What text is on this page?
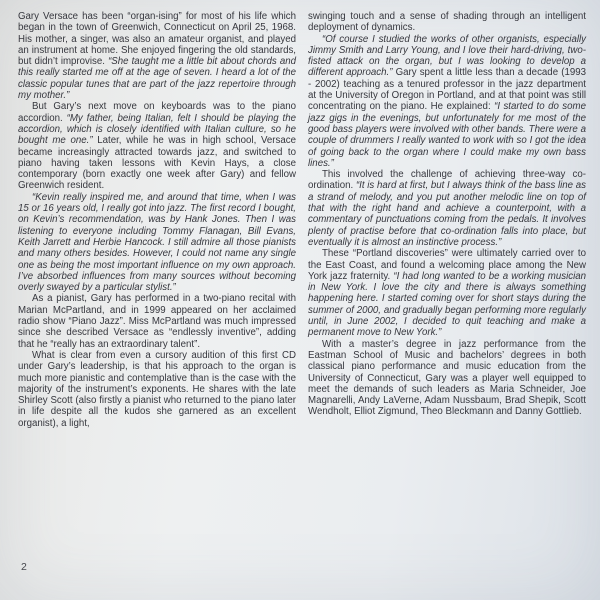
Gary Versace has been “organ-ising” for most of his life which began in the town of Greenwich, Connecticut on April 25, 1968. His mother, a singer, was also an amateur organist, and played an instrument at home. She enjoyed fingering the old standards, but didn’t improvise. “She taught me a little bit about chords and this really started me off at the age of seven. I heard a lot of the classic popular tunes that are part of the jazz repertoire through my mother.”

But Gary’s next move on keyboards was to the piano accordion. “My father, being Italian, felt I should be playing the accordion, which is closely identified with Italian culture, so he bought me one.” Later, while he was in high school, Versace became increasingly attracted towards jazz, and switched to piano having taken lessons with Kevin Hays, a close contemporary (born exactly one week after Gary) and fellow Greenwich resident.

“Kevin really inspired me, and around that time, when I was 15 or 16 years old, I really got into jazz. The first record I bought, on Kevin’s recommendation, was by Hank Jones. Then I was listening to everyone including Tommy Flanagan, Bill Evans, Keith Jarrett and Herbie Hancock. I still admire all those pianists and many others besides. However, I could not name any single one as being the most important influence on my own approach. I’ve absorbed influences from many sources without becoming overly swayed by a particular stylist.”

As a pianist, Gary has performed in a two-piano recital with Marian McPartland, and in 1999 appeared on her acclaimed radio show “Piano Jazz”. Miss McPartland was much impressed since she described Versace as “endlessly inventive”, adding that he “really has an extraordinary talent”.

What is clear from even a cursory audition of this first CD under Gary’s leadership, is that his approach to the organ is much more pianistic and contemplative than is the case with the majority of the instrument’s exponents. He shares with the late Shirley Scott (also firstly a pianist who returned to the piano later in life despite all the kudos she garnered as an excellent organist), a light,

swinging touch and a sense of shading through an intelligent deployment of dynamics.

“Of course I studied the works of other organists, especially Jimmy Smith and Larry Young, and I love their hard-driving, two-fisted attack on the organ, but I was looking to develop a different approach.” Gary spent a little less than a decade (1993 - 2002) teaching as a tenured professor in the jazz department at the University of Oregon in Portland, and at that point was still concentrating on the piano. He explained: “I started to do some jazz gigs in the evenings, but unfortunately for me most of the good bass players were involved with other bands. There were a couple of drummers I really wanted to work with so I got the idea of going back to the organ where I could make my own bass lines.”

This involved the challenge of achieving three-way co-ordination. “It is hard at first, but I always think of the bass line as a strand of melody, and you put another melodic line on top of that with the right hand and achieve a counterpoint, with a commentary of punctuations coming from the pedals. It involves plenty of practise before that co-ordination falls into place, but eventually it is almost an instinctive process.”

These “Portland discoveries” were ultimately carried over to the East Coast, and found a welcoming place among the New York jazz fraternity. “I had long wanted to be a working musician in New York. I love the city and there is always something happening here. I started coming over for short stays during the summer of 2000, and gradually began performing more regularly until, in June 2002, I decided to quit teaching and make a permanent move to New York.”

With a master’s degree in jazz performance from the Eastman School of Music and bachelors’ degrees in both classical piano performance and music education from the University of Connecticut, Gary was a player well equipped to meet the demands of such leaders as Maria Schneider, Joe Magnarelli, Andy LaVerne, Adam Nussbaum, Brad Shepik, Scott Wendholt, Elliot Zigmund, Theo Bleckmann and Danny Gottlieb.

2
